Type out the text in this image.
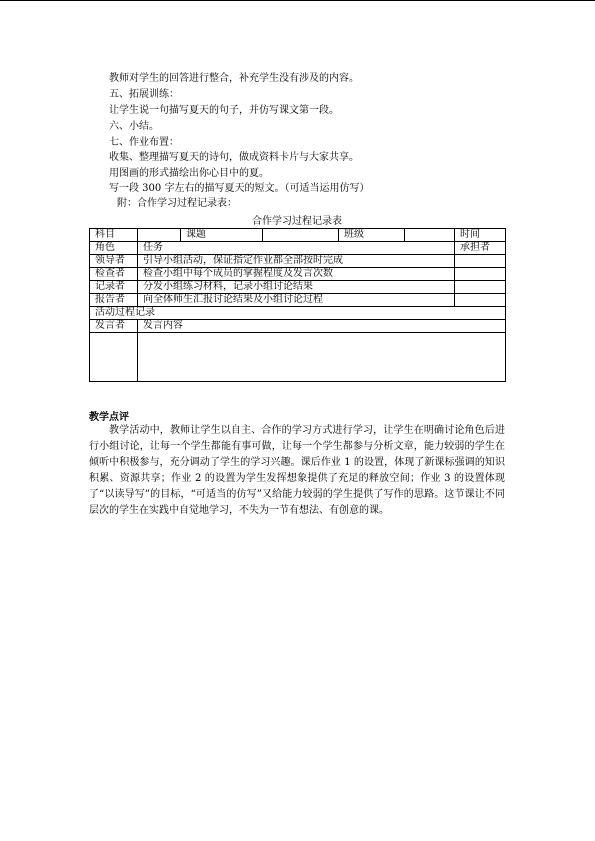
教师对学生的回答进行整合，补充学生没有涉及的内容。
五、拓展训练：
让学生说一句描写夏天的句子，并仿写课文第一段。
六、小结。
七、作业布置：
收集、整理描写夏天的诗句，做成资料卡片与大家共享。
用图画的形式描绘出你心目中的夏。
写一段 300 字左右的描写夏天的短文。（可适当运用仿写）
附：合作学习过程记录表：
合作学习过程记录表
科目		课题		班级		时间
角色	任务					承担者
领导者	引导小组活动，保证指定作业都全部按时完成					
检查者	检查小组中每个成员的掌握程度及发言次数					
记录者	分发小组练习材料，记录小组讨论结果					
报告者	向全体师生汇报讨论结果及小组讨论过程					
活动过程记录						
发言者	发言内容					

教学点评
教学活动中，教师让学生以自主、合作的学习方式进行学习，让学生在明确讨论角色后进行小组讨论，让每一个学生都能有事可做，让每一个学生都参与分析文章，能力较弱的学生在倾听中积极参与，充分调动了学生的学习兴趣。课后作业 1 的设置，体现了新课标强调的知识积累、资源共享；作业 2 的设置为学生发挥想象提供了充足的释放空间；作业 3 的设置体现了“以读导写”的目标，“可适当的仿写”又给能力较弱的学生提供了写作的思路。这节课让不同层次的学生在实践中自觉地学习，不失为一节有想法、有创意的课。
